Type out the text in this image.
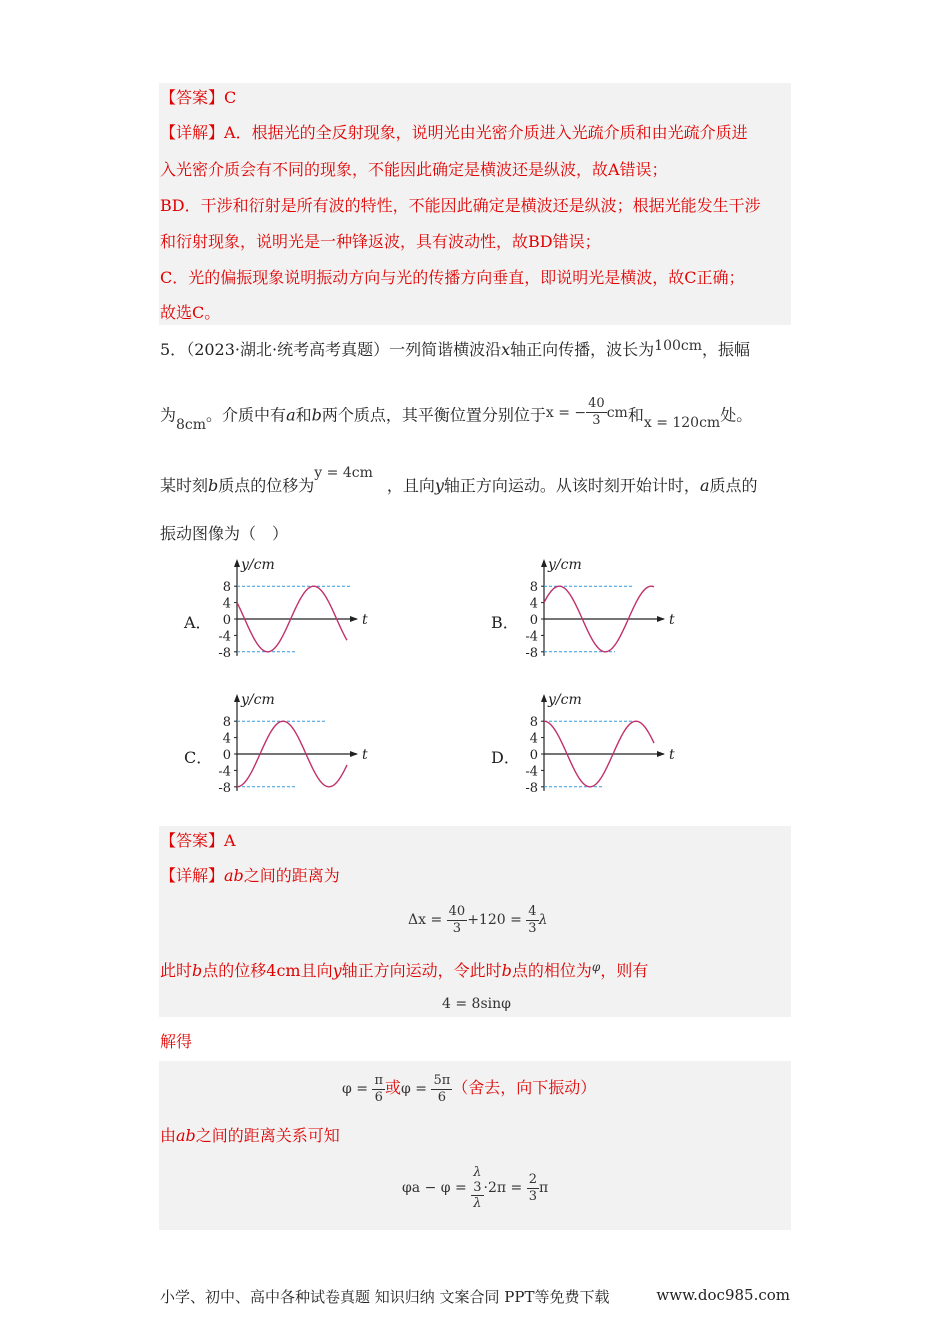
【答案】C
【详解】A．根据光的全反射现象，说明光由光密介质进入光疏介质和由光疏介质进
入光密介质会有不同的现象，不能因此确定是横波还是纵波，故A错误；
BD．干涉和衍射是所有波的特性，不能因此确定是横波还是纵波；根据光能发生干涉
和衍射现象，说明光是一种锋返波，具有波动性，故BD错误；
C．光的偏振现象说明振动方向与光的传播方向垂直，即说明光是横波，故C正确；
故选C。
5．（2023·湖北·统考高考真题）一列简谐横波沿x轴正向传播，波长为100cm，振幅
为8cm。介质中有a和b两个质点，其平衡位置分别位于x = − $\frac{40}{3}$ cm和x = 120cm处。
某时刻b质点的位移为y = 4cm，且向y轴正方向运动。从该时刻开始计时，a质点的
振动图像为（　）
A．	B．
C．	D．
y/cm
t
8
4
0
-4
-8
y/cm
t
8
4
0
-4
-8
y/cm
t
8
4
0
-4
-8
y/cm
t
8
4
0
-4
-8
【答案】A
【详解】ab之间的距离为
$\Delta x = \frac{40}{3} +120 = \frac{4}{3}$ λ
此时b点的位移4cm且向y轴正方向运动，令此时b点的相位为$^\varphi$，则有
4 = 8sinφ
解得
$\varphi = \frac{\pi}{6}$ 或$\varphi = \frac{5\pi}{6}$ （舍去，向下振动）
由ab之间的距离关系可知
φa − φ =
λ
3
λ
$\cdot 2\pi = \frac{2}{3}$ π
小学、初中、高中各种试卷真题 知识归纳 文案合同 PPT等免费下载	www.doc985.com
